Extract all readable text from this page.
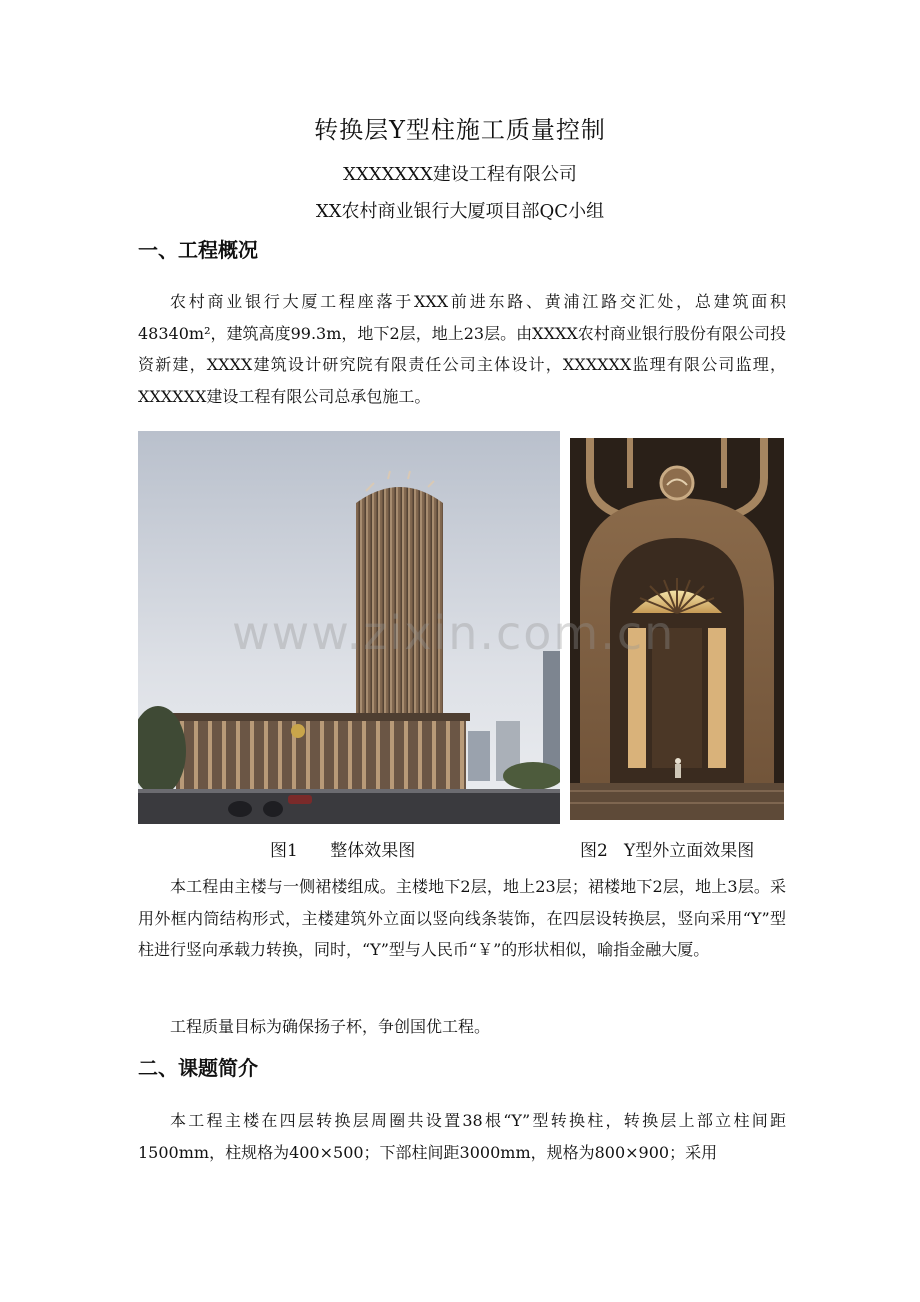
转换层Y型柱施工质量控制
XXXXXXX建设工程有限公司
XX农村商业银行大厦项目部QC小组
一、工程概况

农村商业银行大厦工程座落于XXX前进东路、黄浦江路交汇处，总建筑面积48340m²，建筑高度99.3m，地下2层，地上23层。由XXXX农村商业银行股份有限公司投资新建，XXXX建筑设计研究院有限责任公司主体设计，XXXXXX监理有限公司监理，XXXXXX建设工程有限公司总承包施工。

www.zixin.com.cn
图1      整体效果图	图2   Y型外立面效果图

本工程由主楼与一侧裙楼组成。主楼地下2层，地上23层；裙楼地下2层，地上3层。采用外框内筒结构形式，主楼建筑外立面以竖向线条装饰，在四层设转换层，竖向采用“Y”型柱进行竖向承载力转换，同时，“Y”型与人民币“￥”的形状相似，喻指金融大厦。

工程质量目标为确保扬子杯，争创国优工程。

二、课题简介

本工程主楼在四层转换层周圈共设置38根“Y”型转换柱，转换层上部立柱间距1500mm，柱规格为400×500；下部柱间距3000mm，规格为800×900；采用
